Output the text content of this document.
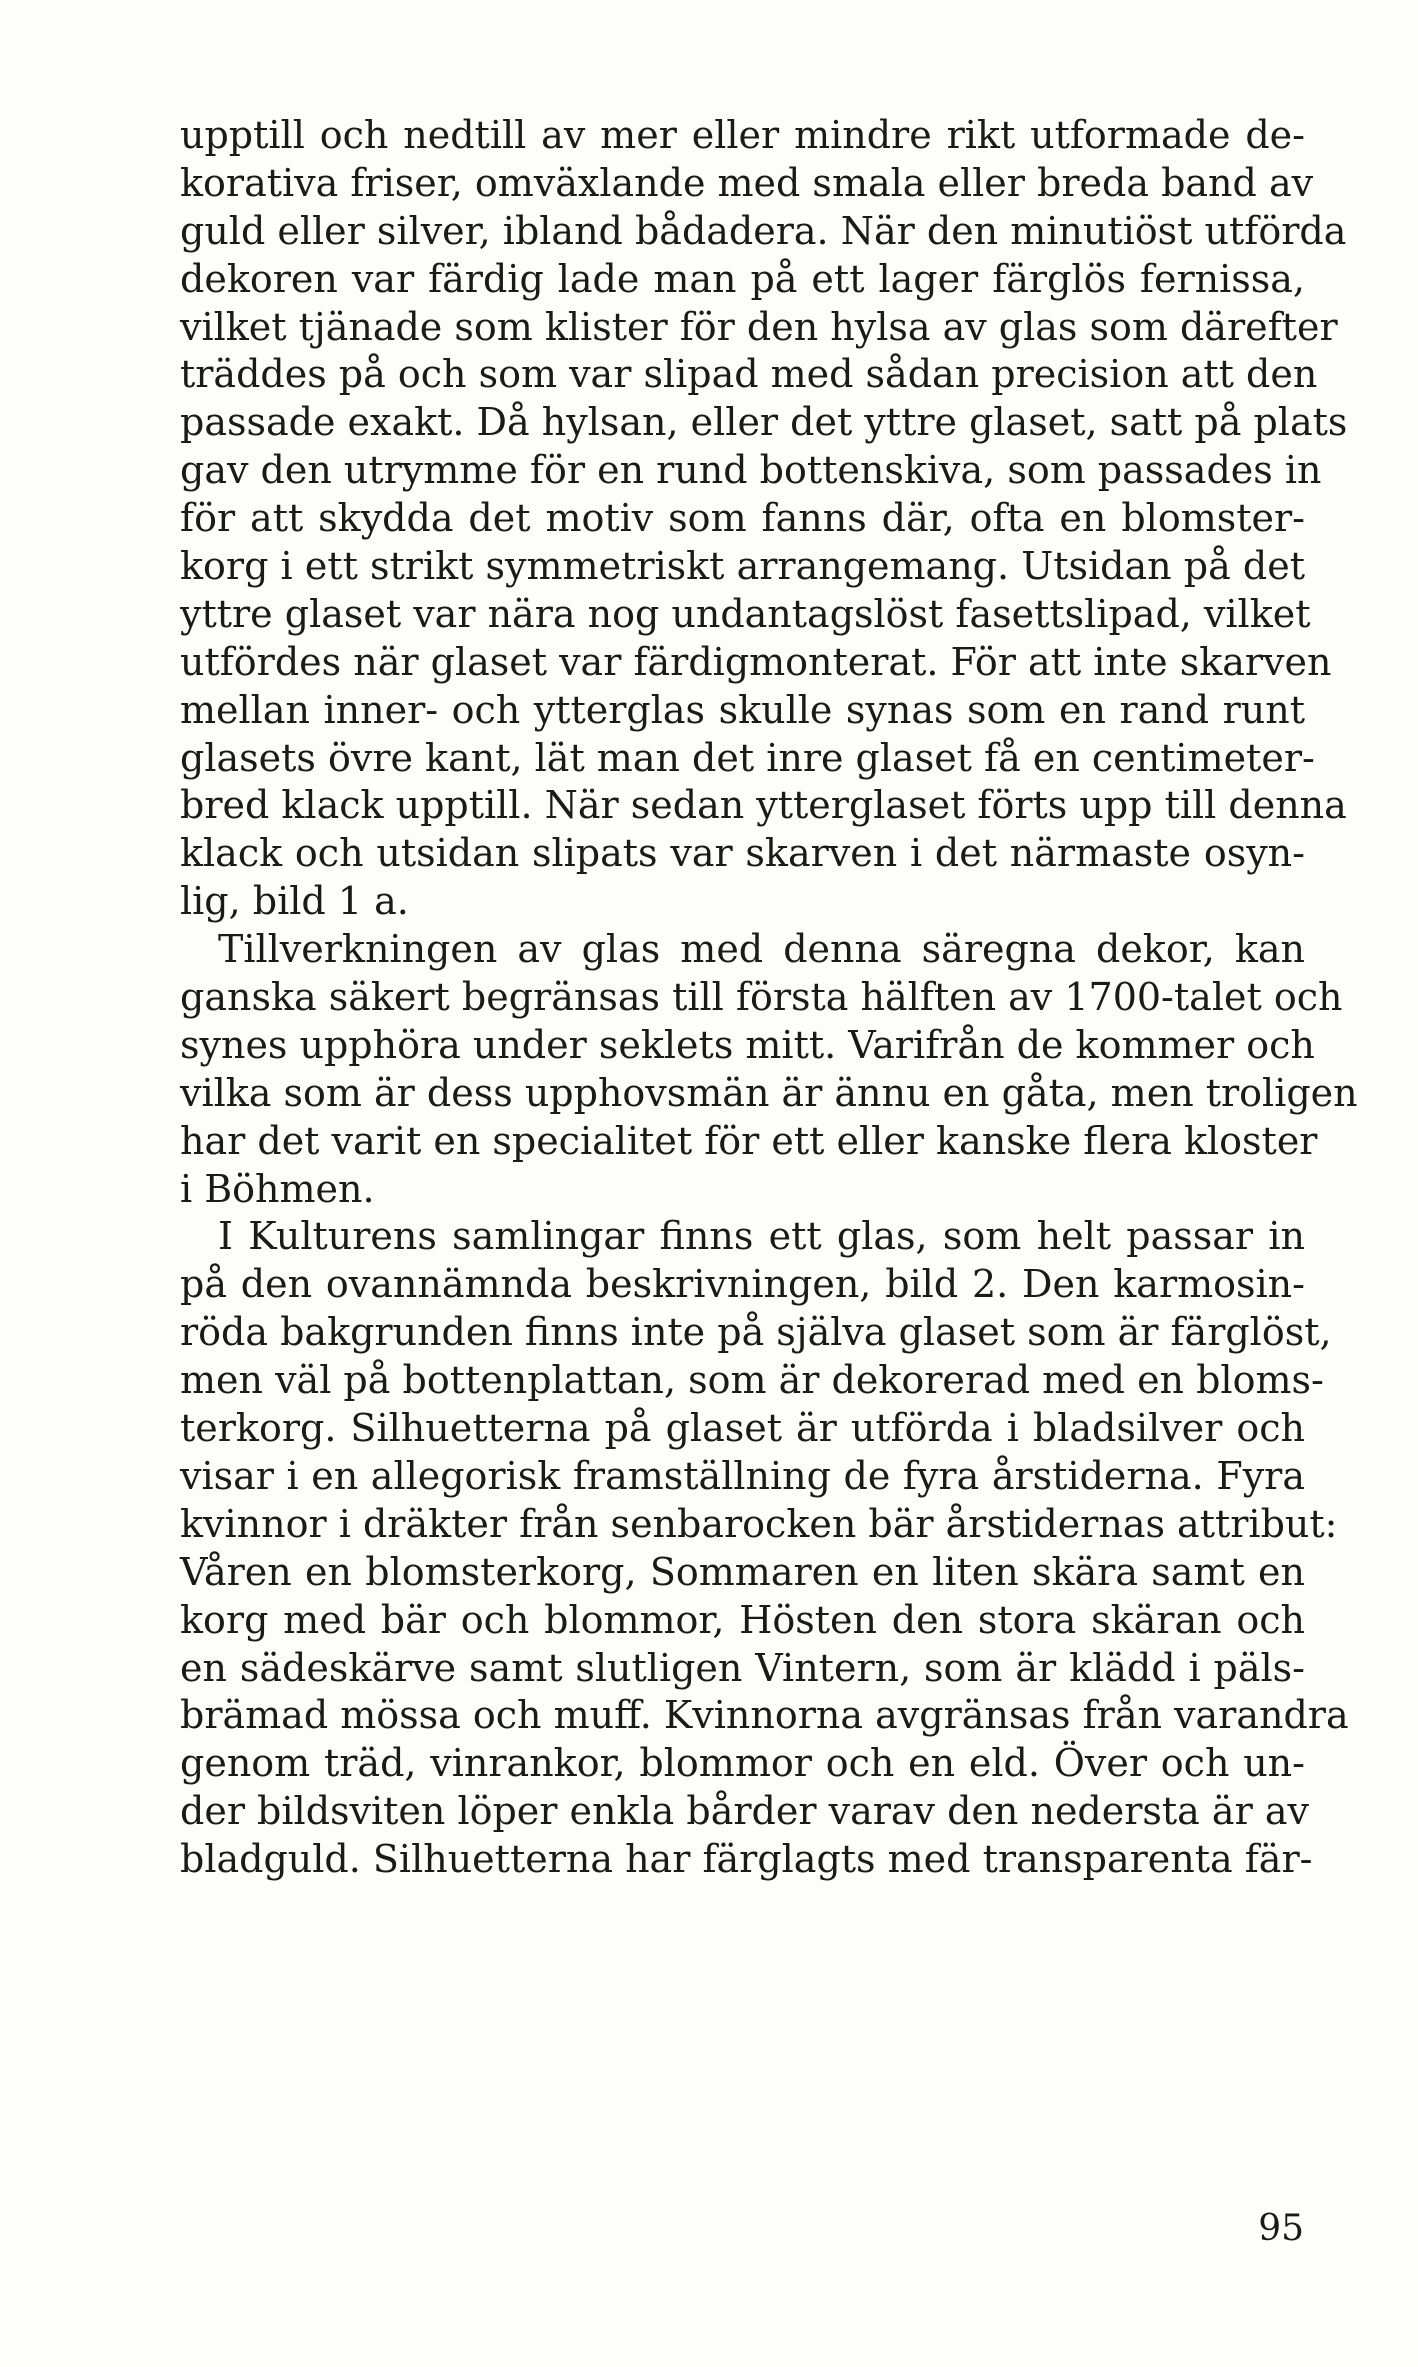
upptill och nedtill av mer eller mindre rikt utformade de-
korativa friser, omväxlande med smala eller breda band av
guld eller silver, ibland bådadera. När den minutiöst utförda
dekoren var färdig lade man på ett lager färglös fernissa,
vilket tjänade som klister för den hylsa av glas som därefter
träddes på och som var slipad med sådan precision att den
passade exakt. Då hylsan, eller det yttre glaset, satt på plats
gav den utrymme för en rund bottenskiva, som passades in
för att skydda det motiv som fanns där, ofta en blomster-
korg i ett strikt symmetriskt arrangemang. Utsidan på det
yttre glaset var nära nog undantagslöst fasettslipad, vilket
utfördes när glaset var färdigmonterat. För att inte skarven
mellan inner- och ytterglas skulle synas som en rand runt
glasets övre kant, lät man det inre glaset få en centimeter-
bred klack upptill. När sedan ytterglaset förts upp till denna
klack och utsidan slipats var skarven i det närmaste osyn-
lig, bild 1 a.
Tillverkningen av glas med denna säregna dekor, kan
ganska säkert begränsas till första hälften av 1700-talet och
synes upphöra under seklets mitt. Varifrån de kommer och
vilka som är dess upphovsmän är ännu en gåta, men troligen
har det varit en specialitet för ett eller kanske flera kloster
i Böhmen.
I Kulturens samlingar finns ett glas, som helt passar in
på den ovannämnda beskrivningen, bild 2. Den karmosin-
röda bakgrunden finns inte på själva glaset som är färglöst,
men väl på bottenplattan, som är dekorerad med en bloms-
terkorg. Silhuetterna på glaset är utförda i bladsilver och
visar i en allegorisk framställning de fyra årstiderna. Fyra
kvinnor i dräkter från senbarocken bär årstidernas attribut:
Våren en blomsterkorg, Sommaren en liten skära samt en
korg med bär och blommor, Hösten den stora skäran och
en sädeskärve samt slutligen Vintern, som är klädd i päls-
brämad mössa och muff. Kvinnorna avgränsas från varandra
genom träd, vinrankor, blommor och en eld. Över och un-
der bildsviten löper enkla bårder varav den nedersta är av
bladguld. Silhuetterna har färglagts med transparenta fär-
95
